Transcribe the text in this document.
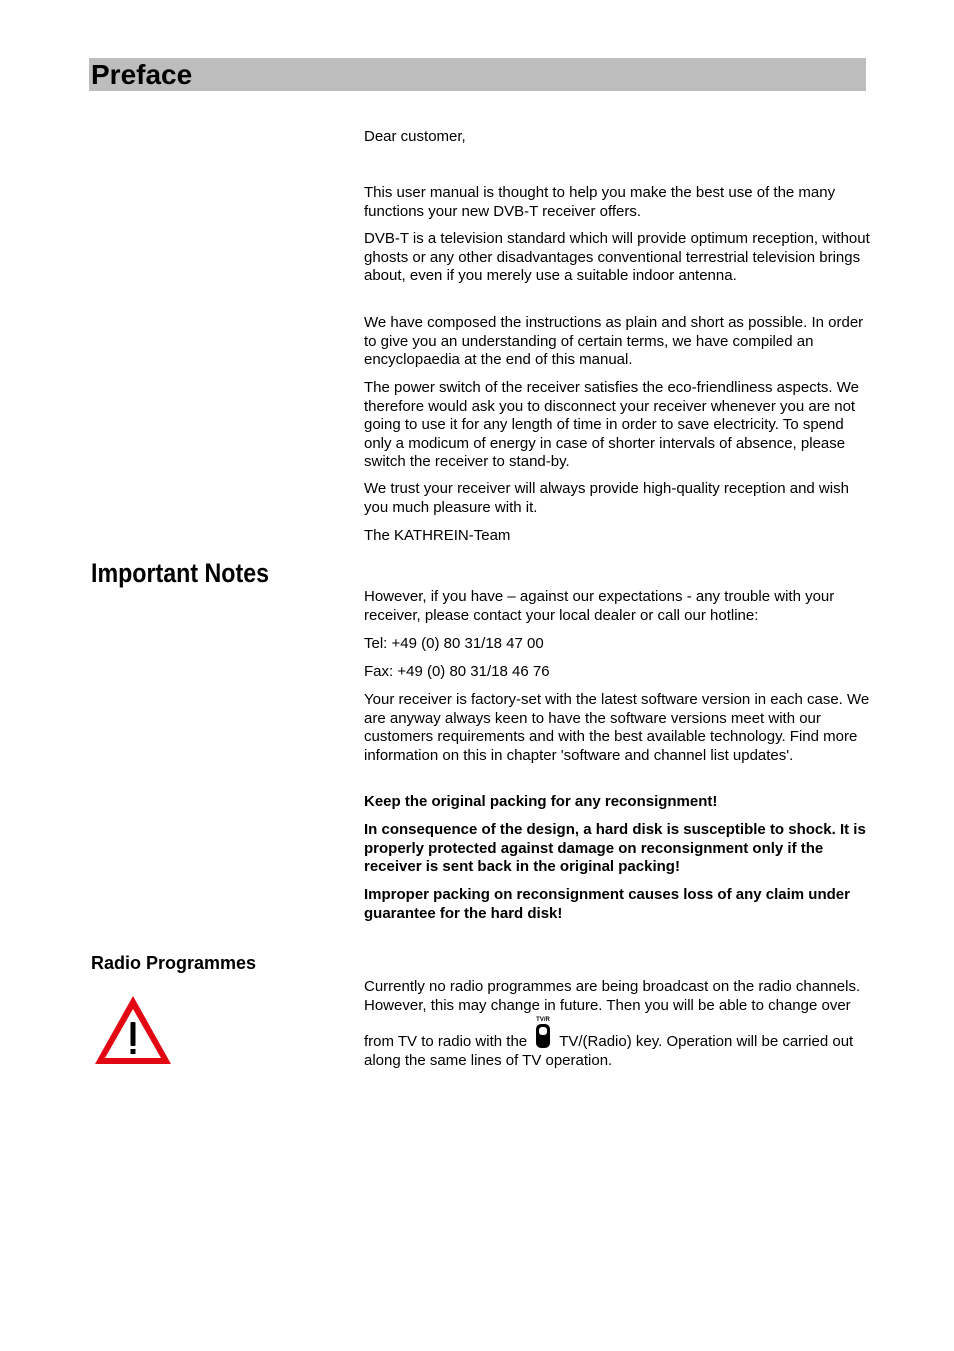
Preface

Dear customer,

This user manual is thought to help you make the best use of the many functions your new DVB-T receiver offers.

DVB-T is a television standard which will provide optimum reception, without ghosts or any other disadvantages conventional terrestrial television brings about, even if you merely use a suitable indoor antenna.

We have composed the instructions as plain and short as possible. In order to give you an understanding of certain terms, we have compiled an encyclopaedia at the end of this manual.

The power switch of the receiver satisfies the eco-friendliness aspects. We therefore would ask you to disconnect your receiver whenever you are not going to use it for any length of time in order to save electricity. To spend only a modicum of energy in case of shorter intervals of absence, please switch the receiver to stand-by.

We trust your receiver will always provide high-quality reception and wish you much pleasure with it.

The KATHREIN-Team

Important Notes

However, if you have – against our expectations - any trouble with your receiver, please contact your local dealer or call our hotline:

Tel: +49 (0) 80 31/18 47 00

Fax: +49 (0) 80 31/18 46 76

Your receiver is factory-set with the latest software version in each case. We are anyway always keen to have the software versions meet with our customers requirements and with the best available technology. Find more information on this in chapter 'software and channel list updates'.

Keep the original packing for any reconsignment!

In consequence of the design, a hard disk is susceptible to shock. It is properly protected against damage on reconsignment only if the receiver is sent back in the original packing!

Improper packing on reconsignment causes loss of any claim under guarantee for the hard disk!

Radio Programmes

Currently no radio programmes are being broadcast on the radio channels. However, this may change in future. Then you will be able to change over from TV to radio with the
TV/R
TV/(Radio) key. Operation will be carried out along the same lines of TV operation.
